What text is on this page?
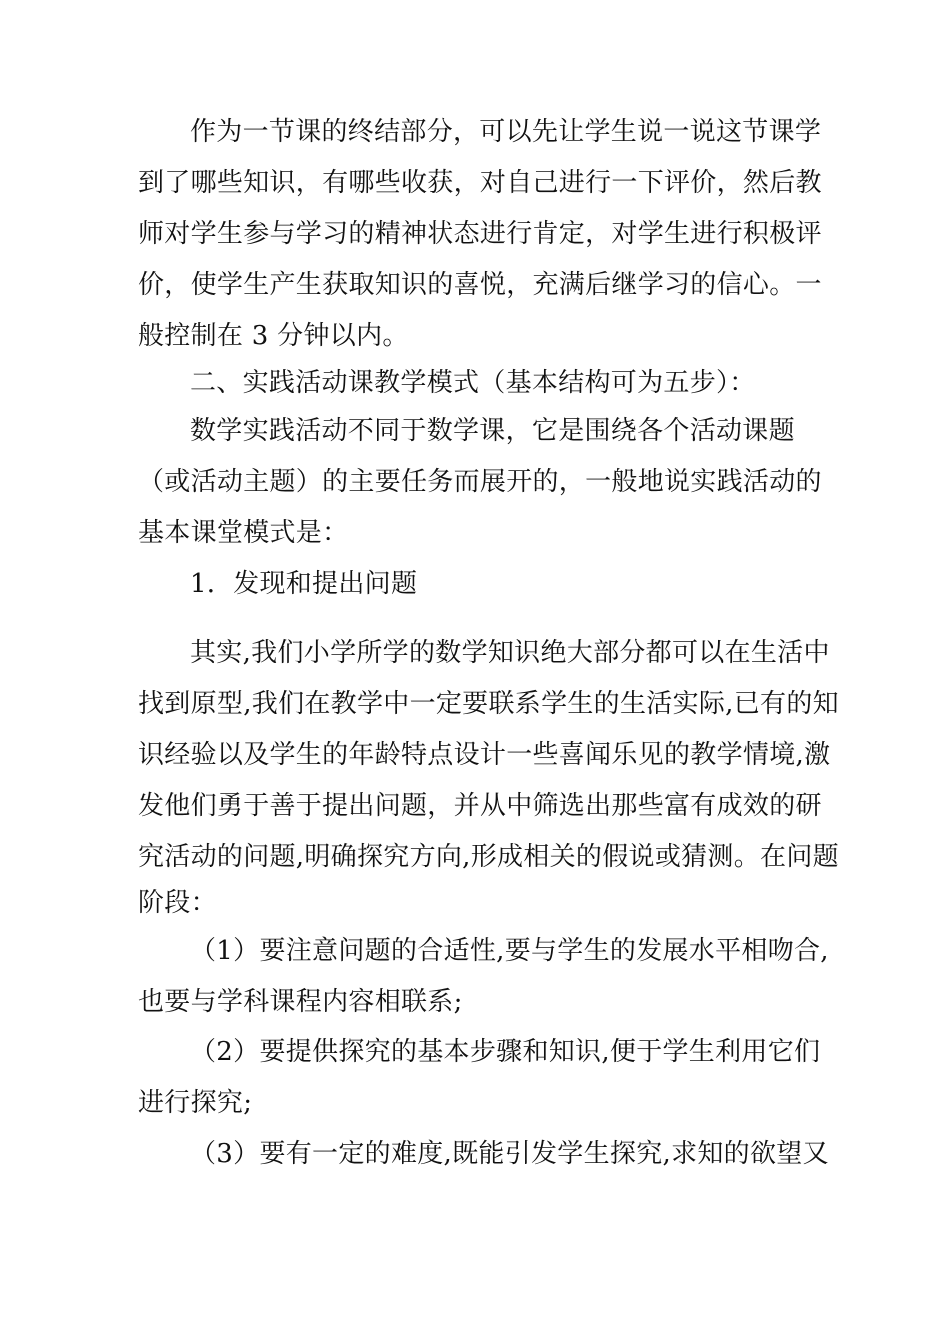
作为一节课的终结部分，可以先让学生说一说这节课学
到了哪些知识，有哪些收获，对自己进行一下评价，然后教
师对学生参与学习的精神状态进行肯定，对学生进行积极评
价，使学生产生获取知识的喜悦，充满后继学习的信心。一
般控制在 3 分钟以内。
二、实践活动课教学模式（基本结构可为五步）：
数学实践活动不同于数学课，它是围绕各个活动课题
（或活动主题）的主要任务而展开的，一般地说实践活动的
基本课堂模式是：
1．发现和提出问题
其实,我们小学所学的数学知识绝大部分都可以在生活中
找到原型,我们在教学中一定要联系学生的生活实际,已有的知
识经验以及学生的年龄特点设计一些喜闻乐见的教学情境,激
发他们勇于善于提出问题，并从中筛选出那些富有成效的研
究活动的问题,明确探究方向,形成相关的假说或猜测。在问题
阶段：
（1）要注意问题的合适性,要与学生的发展水平相吻合,
也要与学科课程内容相联系;
（2）要提供探究的基本步骤和知识,便于学生利用它们
进行探究;
（3）要有一定的难度,既能引发学生探究,求知的欲望又
